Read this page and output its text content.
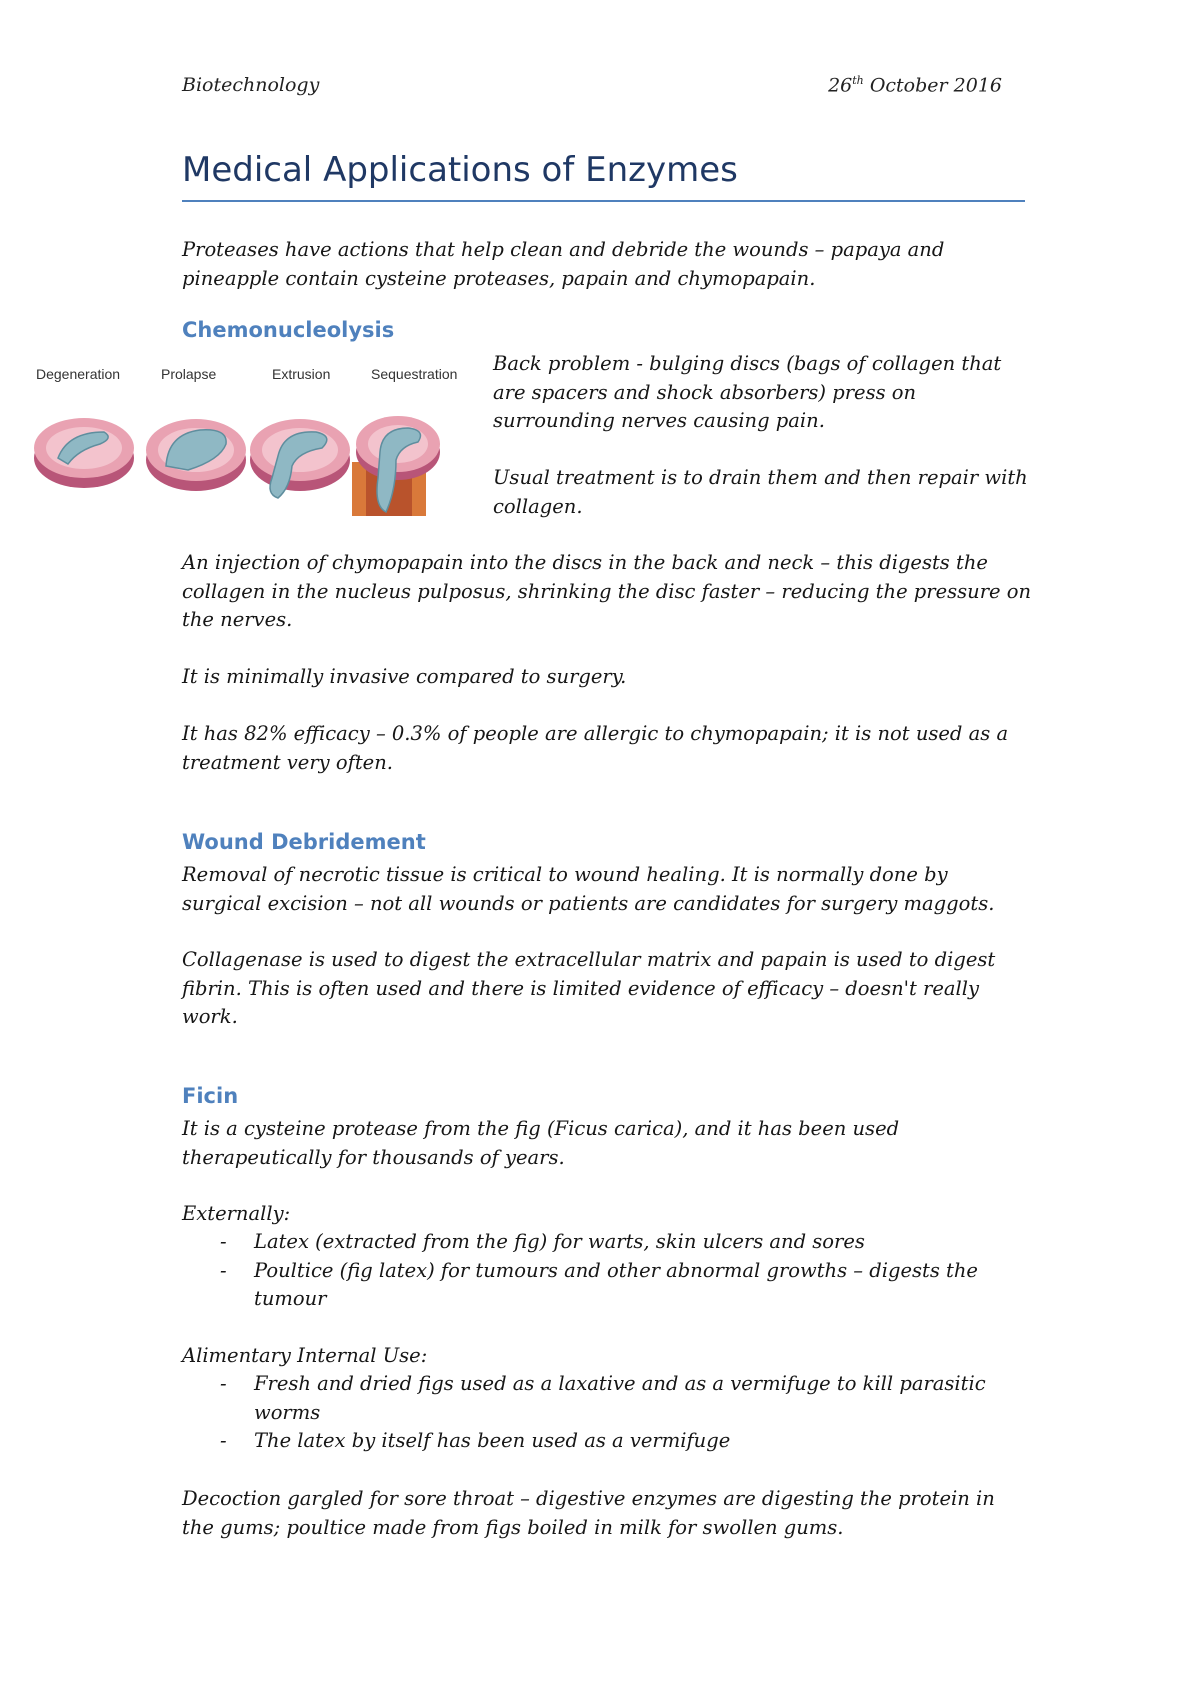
Biotechnology	26th October 2016
Medical Applications of Enzymes

Proteases have actions that help clean and debride the wounds – papaya and pineapple contain cysteine proteases, papain and chymopapain.

Chemonucleolysis
Degeneration	Prolapse	Extrusion	Sequestration Back problem - bulging discs (bags of collagen that are spacers and shock absorbers) press on surrounding nerves causing pain.

Usual treatment is to drain them and then repair with collagen.

An injection of chymopapain into the discs in the back and neck – this digests the collagen in the nucleus pulposus, shrinking the disc faster – reducing the pressure on the nerves.

It is minimally invasive compared to surgery.

It has 82% efficacy – 0.3% of people are allergic to chymopapain; it is not used as a treatment very often.

Wound Debridement

Removal of necrotic tissue is critical to wound healing. It is normally done by surgical excision – not all wounds or patients are candidates for surgery maggots.

Collagenase is used to digest the extracellular matrix and papain is used to digest fibrin. This is often used and there is limited evidence of efficacy – doesn't really work.

Ficin

It is a cysteine protease from the fig (Ficus carica), and it has been used therapeutically for thousands of years.

Externally:

- Latex (extracted from the fig) for warts, skin ulcers and sores
- Poultice (fig latex) for tumours and other abnormal growths – digests the tumour

Alimentary Internal Use:

- Fresh and dried figs used as a laxative and as a vermifuge to kill parasitic worms
- The latex by itself has been used as a vermifuge

Decoction gargled for sore throat – digestive enzymes are digesting the protein in the gums; poultice made from figs boiled in milk for swollen gums.
